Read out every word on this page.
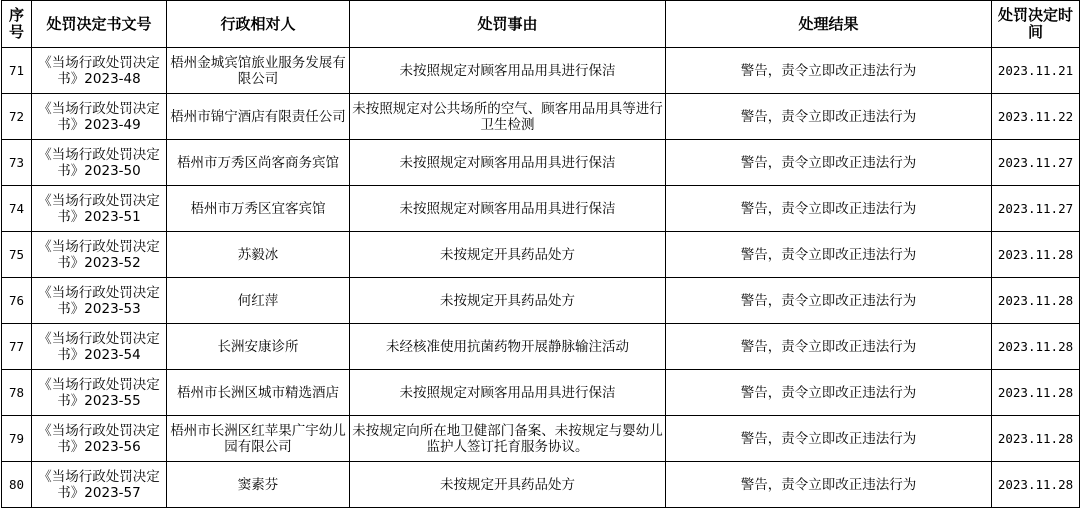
序号	处罚决定书文号	行政相对人	处罚事由	处理结果	处罚决定时间
71	《当场行政处罚决定书》2023-48	梧州金城宾馆旅业服务发展有限公司	未按照规定对顾客用品用具进行保洁	警告，责令立即改正违法行为	2023.11.21
72	《当场行政处罚决定书》2023-49	梧州市锦宁酒店有限责任公司	未按照规定对公共场所的空气、顾客用品用具等进行卫生检测	警告，责令立即改正违法行为	2023.11.22
73	《当场行政处罚决定书》2023-50	梧州市万秀区尚客商务宾馆	未按照规定对顾客用品用具进行保洁	警告，责令立即改正违法行为	2023.11.27
74	《当场行政处罚决定书》2023-51	梧州市万秀区宜客宾馆	未按照规定对顾客用品用具进行保洁	警告，责令立即改正违法行为	2023.11.27
75	《当场行政处罚决定书》2023-52	苏毅冰	未按规定开具药品处方	警告，责令立即改正违法行为	2023.11.28
76	《当场行政处罚决定书》2023-53	何红萍	未按规定开具药品处方	警告，责令立即改正违法行为	2023.11.28
77	《当场行政处罚决定书》2023-54	长洲安康诊所	未经核准使用抗菌药物开展静脉输注活动	警告，责令立即改正违法行为	2023.11.28
78	《当场行政处罚决定书》2023-55	梧州市长洲区城市精选酒店	未按照规定对顾客用品用具进行保洁	警告，责令立即改正违法行为	2023.11.28
79	《当场行政处罚决定书》2023-56	梧州市长洲区红苹果广宇幼儿园有限公司	未按规定向所在地卫健部门备案、未按规定与婴幼儿监护人签订托育服务协议。	警告，责令立即改正违法行为	2023.11.28
80	《当场行政处罚决定书》2023-57	窦素芬	未按规定开具药品处方	警告，责令立即改正违法行为	2023.11.28
